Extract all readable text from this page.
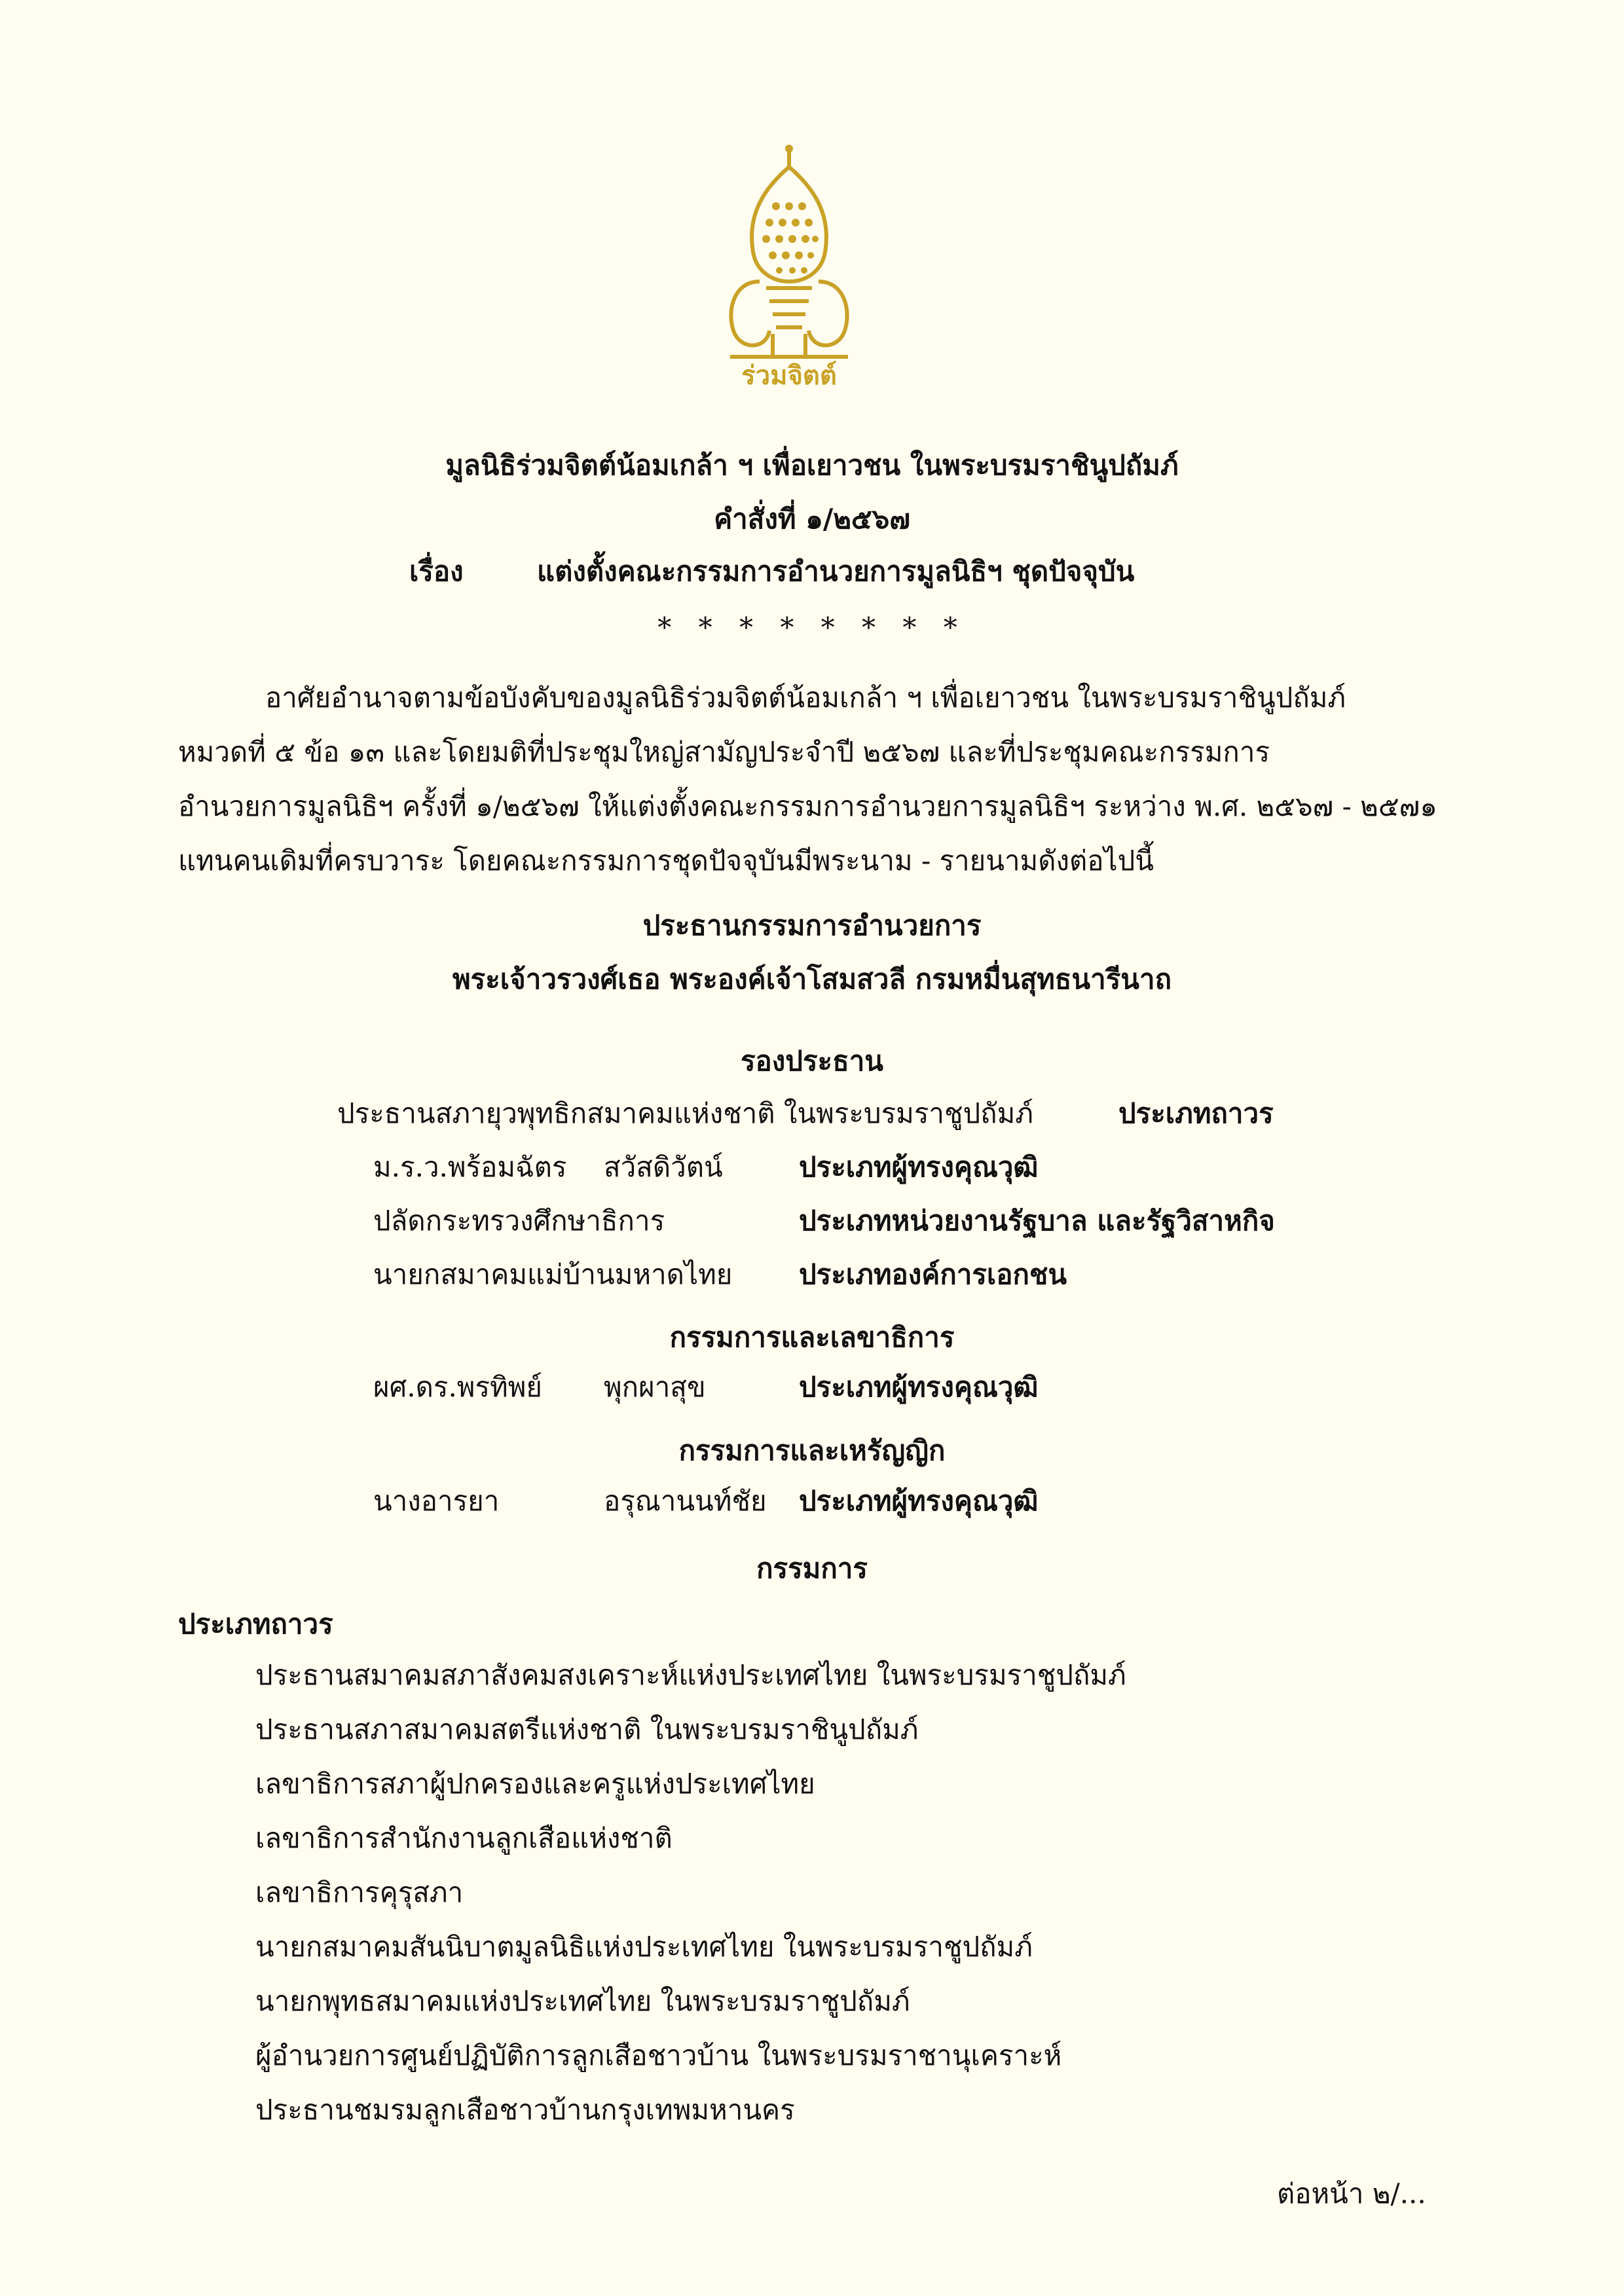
ร่วมจิตต์
มูลนิธิร่วมจิตต์น้อมเกล้า ฯ เพื่อเยาวชน ในพระบรมราชินูปถัมภ์
คำสั่งที่ ๑/๒๕๖๗
เรื่อง	แต่งตั้งคณะกรรมการอำนวยการมูลนิธิฯ ชุดปัจจุบัน
* * * * * * * *
อาศัยอำนาจตามข้อบังคับของมูลนิธิร่วมจิตต์น้อมเกล้า ฯ เพื่อเยาวชน ในพระบรมราชินูปถัมภ์
หมวดที่ ๕ ข้อ ๑๓ และโดยมติที่ประชุมใหญ่สามัญประจำปี ๒๕๖๗ และที่ประชุมคณะกรรมการ
อำนวยการมูลนิธิฯ ครั้งที่ ๑/๒๕๖๗ ให้แต่งตั้งคณะกรรมการอำนวยการมูลนิธิฯ ระหว่าง พ.ศ. ๒๕๖๗ - ๒๕๗๑
แทนคนเดิมที่ครบวาระ โดยคณะกรรมการชุดปัจจุบันมีพระนาม - รายนามดังต่อไปนี้
ประธานกรรมการอำนวยการ
พระเจ้าวรวงศ์เธอ พระองค์เจ้าโสมสวลี กรมหมื่นสุทธนารีนาถ
รองประธาน
ประธานสภายุวพุทธิกสมาคมแห่งชาติ ในพระบรมราชูปถัมภ์	ประเภทถาวร
ม.ร.ว.พร้อมฉัตร สวัสดิวัตน์	ประเภทผู้ทรงคุณวุฒิ
ปลัดกระทรวงศึกษาธิการ	ประเภทหน่วยงานรัฐบาล และรัฐวิสาหกิจ
นายกสมาคมแม่บ้านมหาดไทย ประเภทองค์การเอกชน
กรรมการและเลขาธิการ
ผศ.ดร.พรทิพย์ พุกผาสุข	ประเภทผู้ทรงคุณวุฒิ
กรรมการและเหรัญญิก
นางอารยา	อรุณานนท์ชัย ประเภทผู้ทรงคุณวุฒิ
กรรมการ
ประเภทถาวร
ประธานสมาคมสภาสังคมสงเคราะห์แห่งประเทศไทย ในพระบรมราชูปถัมภ์
ประธานสภาสมาคมสตรีแห่งชาติ ในพระบรมราชินูปถัมภ์
เลขาธิการสภาผู้ปกครองและครูแห่งประเทศไทย
เลขาธิการสำนักงานลูกเสือแห่งชาติ
เลขาธิการคุรุสภา
นายกสมาคมสันนิบาตมูลนิธิแห่งประเทศไทย ในพระบรมราชูปถัมภ์
นายกพุทธสมาคมแห่งประเทศไทย ในพระบรมราชูปถัมภ์
ผู้อำนวยการศูนย์ปฏิบัติการลูกเสือชาวบ้าน ในพระบรมราชานุเคราะห์
ประธานชมรมลูกเสือชาวบ้านกรุงเทพมหานคร
ต่อหน้า ๒/...
